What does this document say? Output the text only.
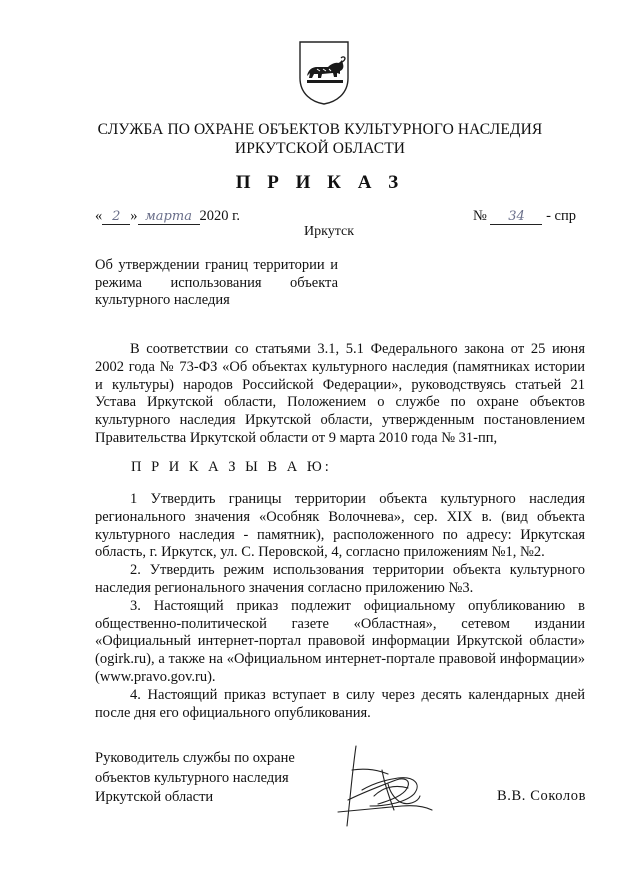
СЛУЖБА ПО ОХРАНЕ ОБЪЕКТОВ КУЛЬТУРНОГО НАСЛЕДИЯ
ИРКУТСКОЙ ОБЛАСТИ
П Р И К А З
« 2 » марта 2020 г.	№ 34 - спр
Иркутск
Об утверждении границ территории и
режима использования объекта
культурного наследия
В соответствии со статьями 3.1, 5.1 Федерального закона от 25 июня
2002 года № 73-ФЗ «Об объектах культурного наследия (памятниках истории
и культуры) народов Российской Федерации», руководствуясь статьей 21
Устава Иркутской области, Положением о службе по охране объектов
культурного наследия Иркутской области, утвержденным постановлением
Правительства Иркутской области от 9 марта 2010 года № 31-пп,
П Р И К А З Ы В А Ю:
1 Утвердить границы территории объекта культурного наследия
регионального значения «Особняк Волочнева», сер. XIX в. (вид объекта
культурного наследия - памятник), расположенного по адресу: Иркутская
область, г. Иркутск, ул. С. Перовской, 4, согласно приложениям №1, №2.
2. Утвердить режим использования территории объекта культурного
наследия регионального значения согласно приложению №3.
3. Настоящий приказ подлежит официальному опубликованию в
общественно-политической газете «Областная», сетевом издании
«Официальный интернет-портал правовой информации Иркутской области»
(ogirk.ru), а также на «Официальном интернет-портале правовой информации»
(www.pravo.gov.ru).
4. Настоящий приказ вступает в силу через десять календарных дней
после дня его официального опубликования.
Руководитель службы по охране
объектов культурного наследия
Иркутской области	В.В. Соколов
